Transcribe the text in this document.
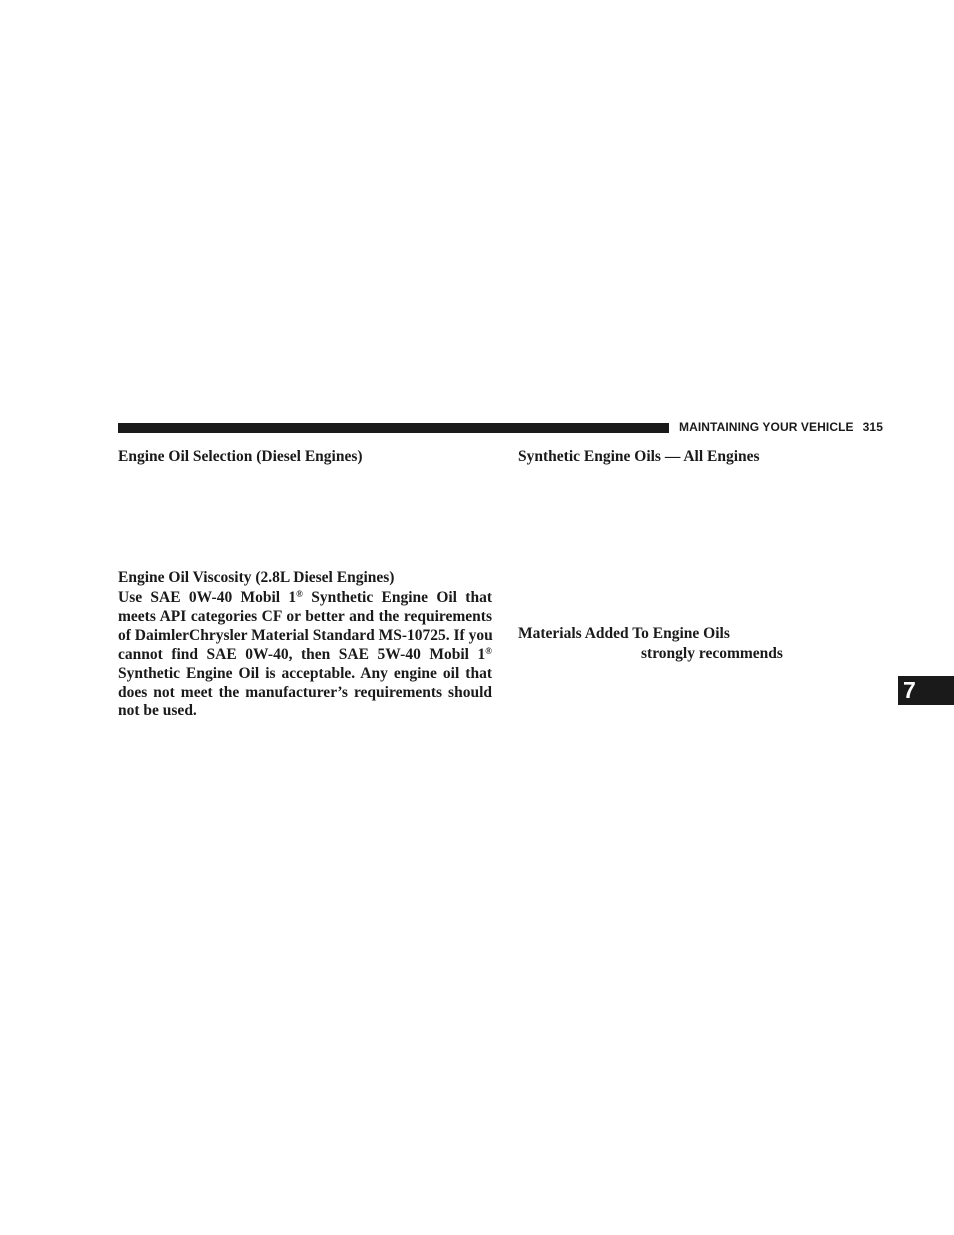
MAINTAINING YOUR VEHICLE 315
Engine Oil Selection (Diesel Engines)
Engine Oil Viscosity (2.8L Diesel Engines)
Use SAE 0W-40 Mobil 1® Synthetic Engine Oil that
meets API categories CF or better and the requirements
of DaimlerChrysler Material Standard MS-10725. If you
cannot find SAE 0W-40, then SAE 5W-40 Mobil 1®
Synthetic Engine Oil is acceptable. Any engine oil that
does not meet the manufacturer’s requirements should
not be used.
Synthetic Engine Oils — All Engines
Materials Added To Engine Oils
strongly recommends
7
